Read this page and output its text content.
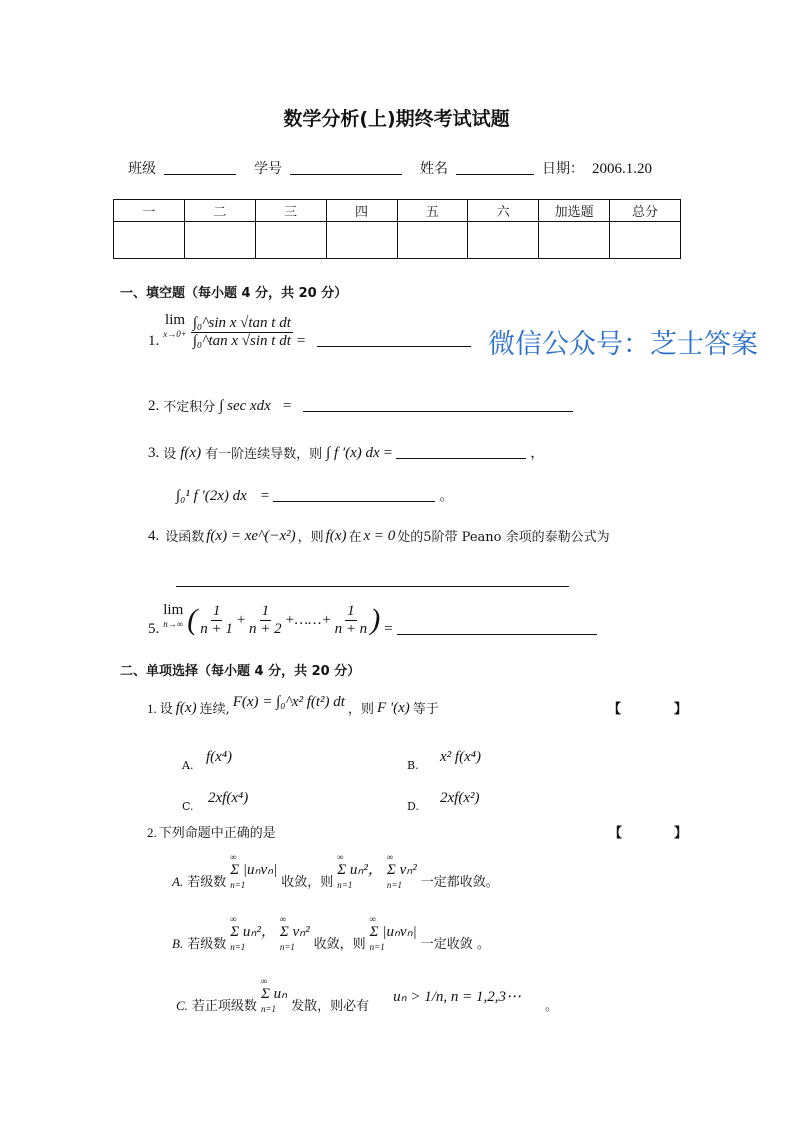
数学分析(上)期终考试试题
班级	学号	姓名	日期： 2006.1.20
一	二	三	四	五	六	加选题	总分

一、填空题（每小题 4 分，共 20 分）
1.
lim
$x\to 0+ \frac{\text{∫₀\textasciicircum{}sin x √tan t dt}}{\text{∫₀\textasciicircum{}tan x √sin t dt}}$ =
2. 不定积分 ∫ sec xdx =
3. 设 f(x) 有一阶连续导数，则 ∫ f '(x) dx =	，
∫₀¹ f '(2x) dx =	。
4. 设函数 f(x) = xe^(−x²) ，则 f(x) 在 x = 0 处的5阶带 Peano 余项的泰勒公式为
5.
lim
n→∞ ( $\frac{1}{n + 1} + \frac{1}{n + 2}$ +……+ $\frac{1}{n + n}$ ) =
二、单项选择（每小题 4 分，共 20 分）
1. 设 f(x) 连续, F(x) = ∫₀^x² f(t²) dt ，则 F '(x) 等于	【	】
A.
f(x⁴)
B.
x² f(x⁴)
C.
2xf(x⁴)
D.
2xf(x²)
2. 下列命题中正确的是	【	】
A. 若级数
∞
Σ |uₙvₙ|
n=1	收敛，则
∞
Σ uₙ²，
n=1
∞
Σ vₙ²
n=1 一定都收敛。
B. 若级数
∞
Σ uₙ²，
n=1
∞
Σ vₙ²
n=1 收敛，则
∞
Σ |uₙvₙ|
n=1	一定收敛 。
C. 若正项级数
∞
Σ uₙ
n=1 发散，则必有
uₙ > 1/n, n = 1,2,3⋯
。
微信公众号：芝士答案
